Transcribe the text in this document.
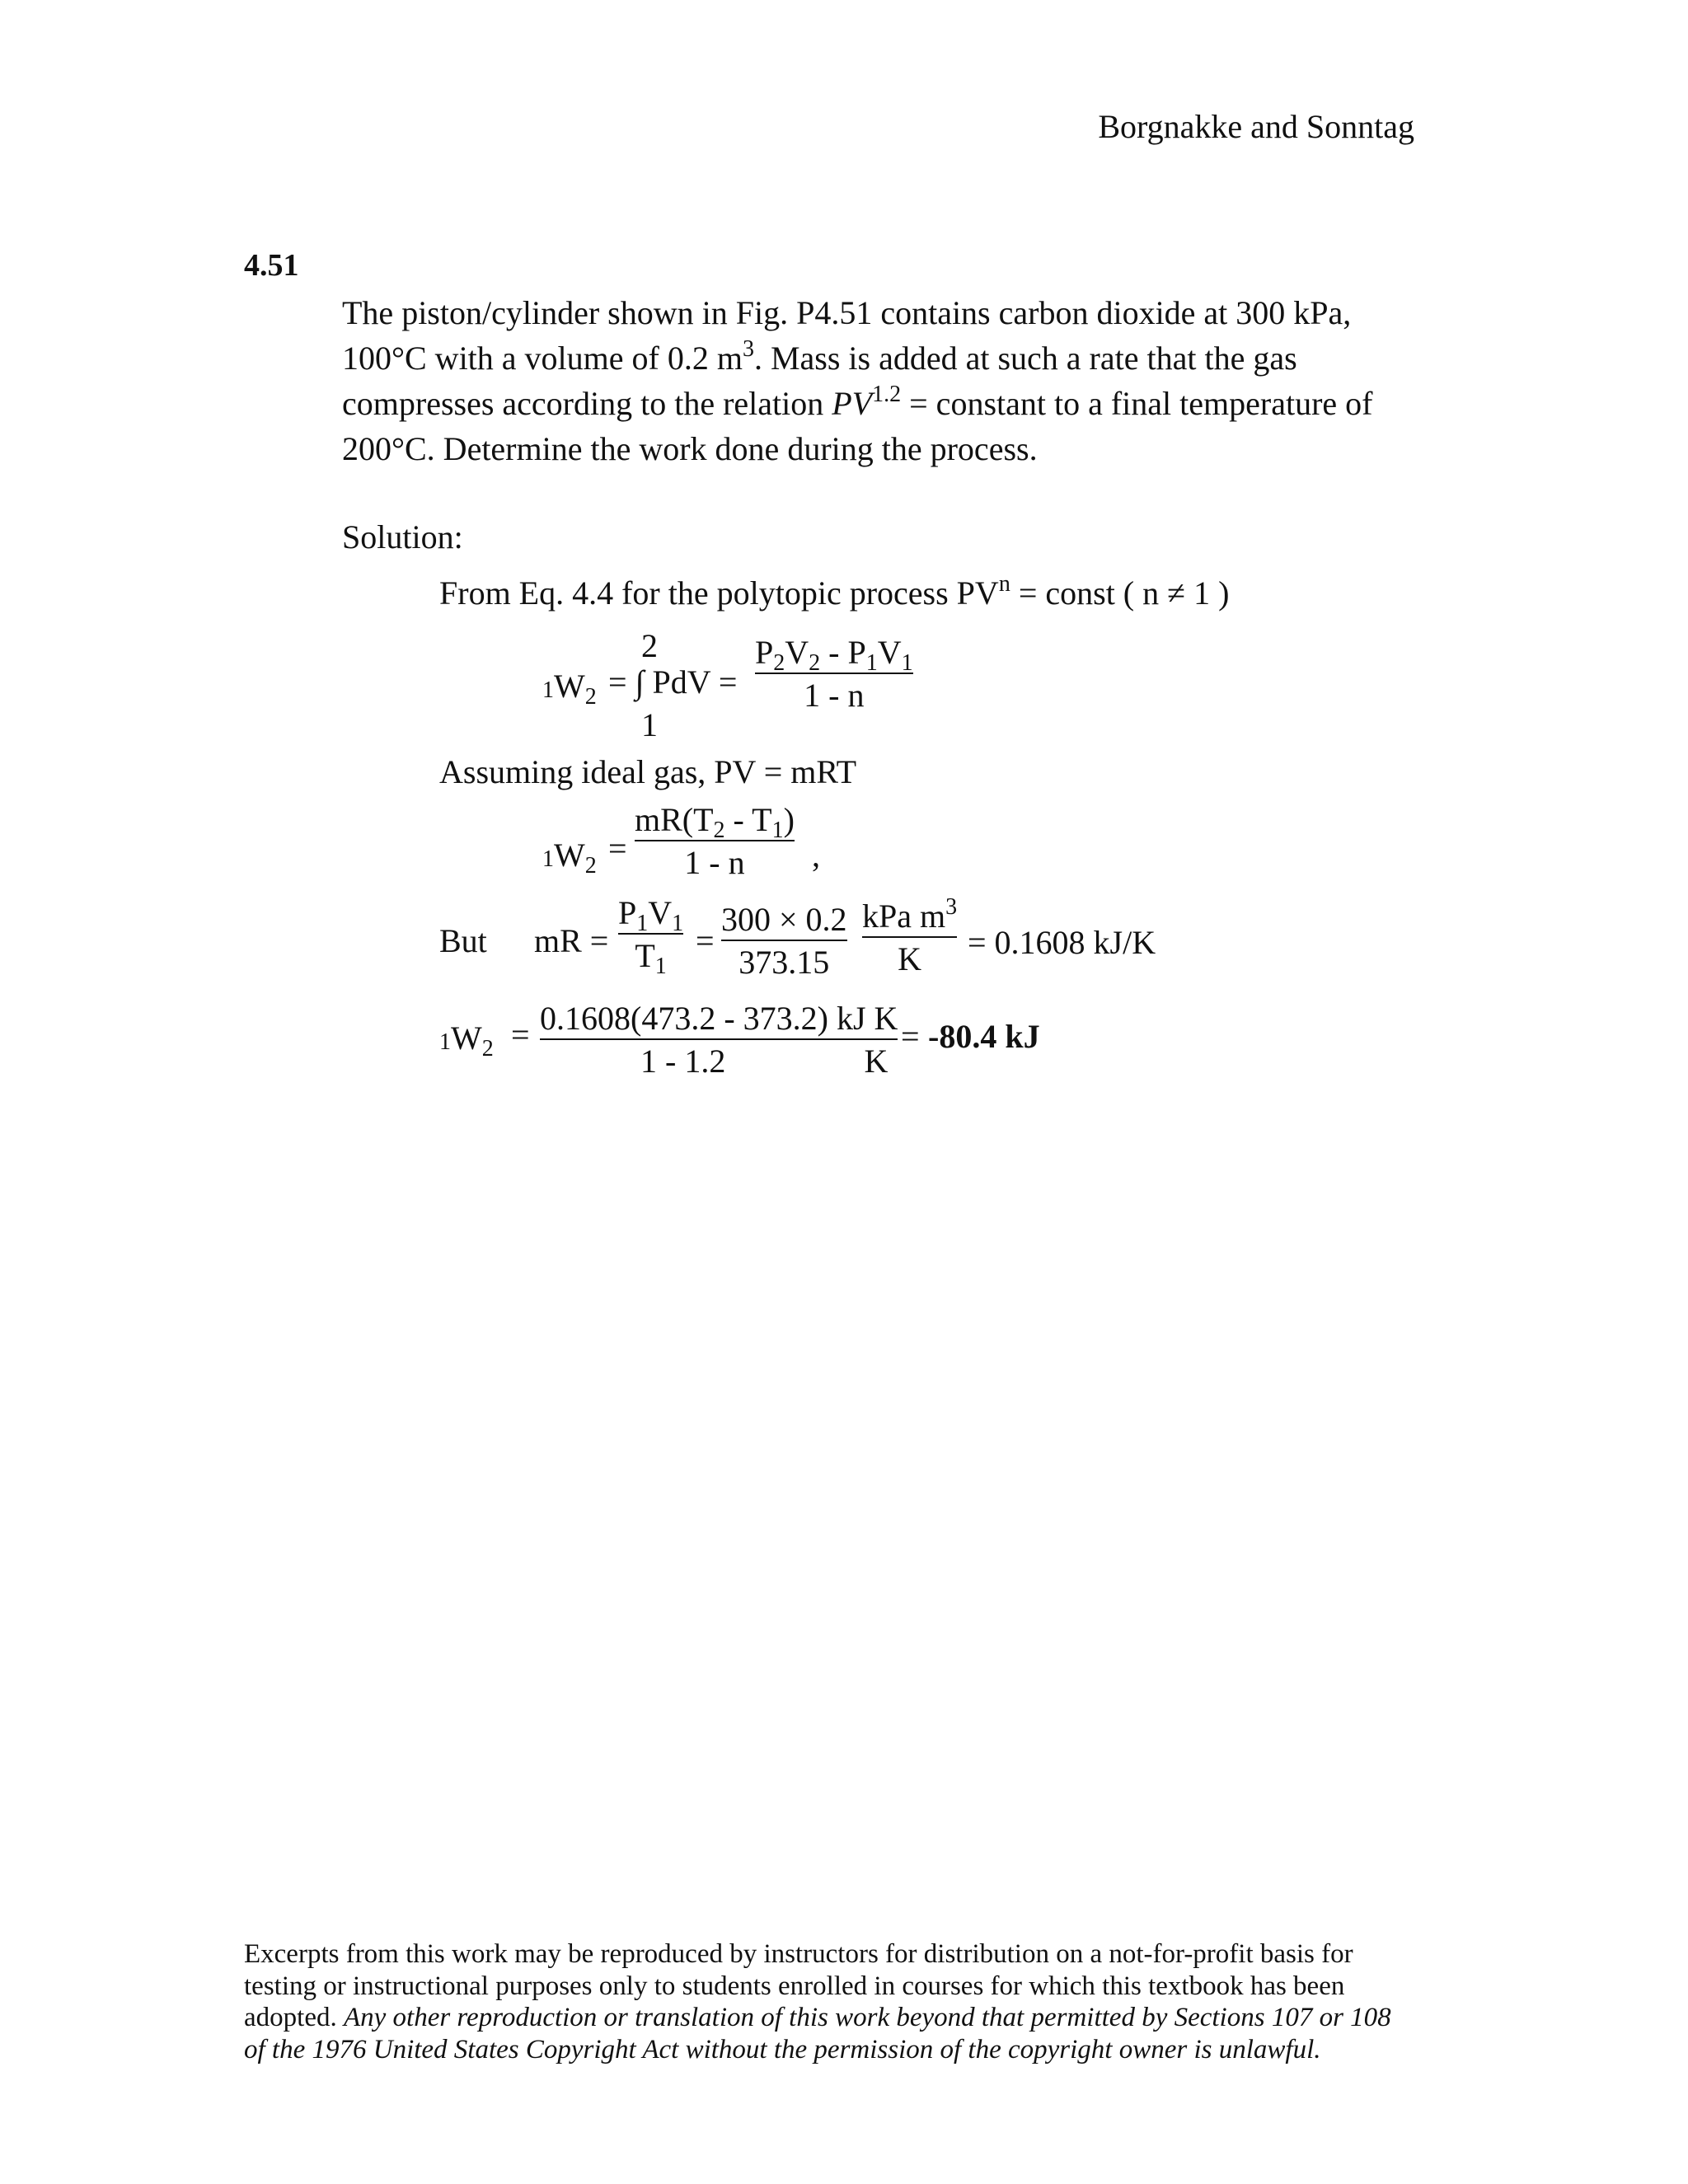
Borgnakke and Sonntag
4.51

The piston/cylinder shown in Fig. P4.51 contains carbon dioxide at 300 kPa,

100°C with a volume of 0.2 $m^3$. Mass is added at such a rate that the gas

compresses according to the relation $PV^{1.2}$ = constant to a final temperature of

200°C. Determine the work done during the process.

Solution:
From Eq. 4.4 for the polytopic process $PV^n$ = const ( n ≠ 1 )
$1W_2$ = ∫ PdV =
2
1
$P_2V_2 - P_1V_1$
1 - n
Assuming ideal gas, PV = mRT
$1W_2$ =
$mR(T_2 - T_1)$
1 - n ,
But mR =
$P_1V_1$
$T_1$
=
300 × 0.2
373.15
kPa $m^3$
K = 0.1608 kJ/K
$1W_2 = 0.1608(473.2 - 373.2)$ kJ K
1 - 1.2	K
= -80.4 kJ

Excerpts from this work may be reproduced by instructors for distribution on a not-for-profit basis for

testing or instructional purposes only to students enrolled in courses for which this textbook has been

adopted. Any other reproduction or translation of this work beyond that permitted by Sections 107 or 108

of the 1976 United States Copyright Act without the permission of the copyright owner is unlawful.
